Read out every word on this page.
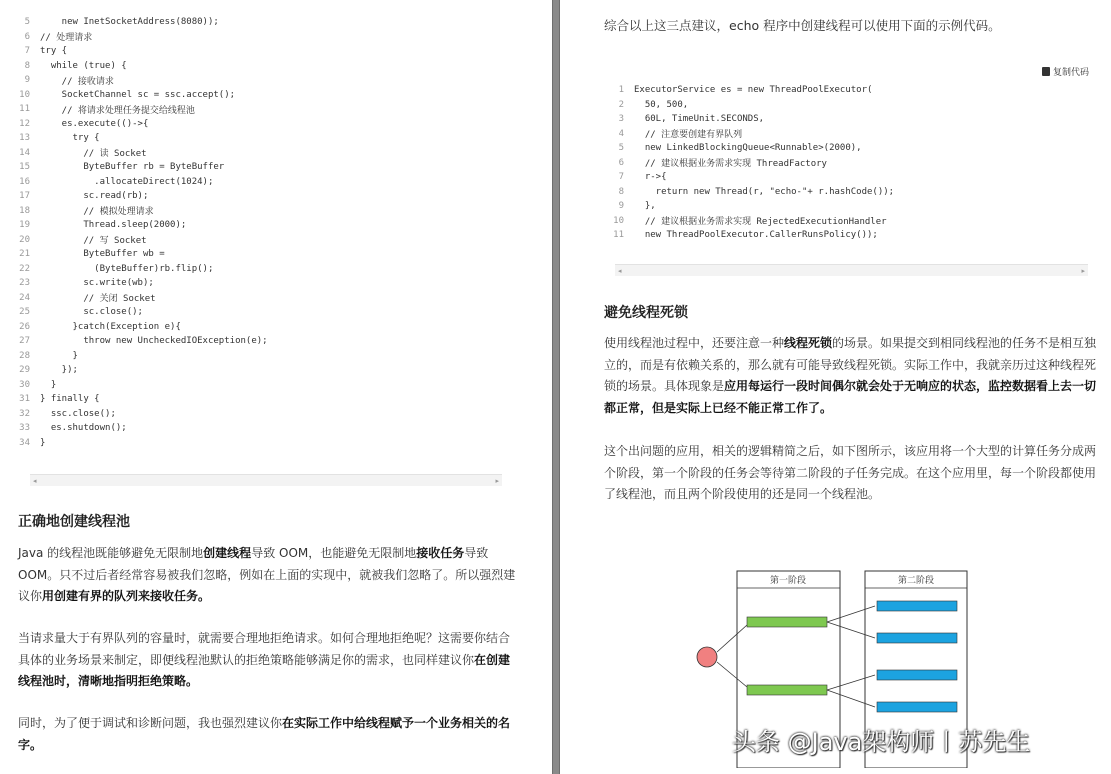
5	new InetSocketAddress(8080));
6	// 处理请求
7	try {
8	while (true) {
9	// 接收请求
10	SocketChannel sc = ssc.accept();
11	// 将请求处理任务提交给线程池
12	es.execute(()->{
13	try {
14	// 读 Socket
15	ByteBuffer rb = ByteBuffer
16	.allocateDirect(1024);
17	sc.read(rb);
18	// 模拟处理请求
19	Thread.sleep(2000);
20	// 写 Socket
21	ByteBuffer wb =
22	(ByteBuffer)rb.flip();
23	sc.write(wb);
24	// 关闭 Socket
25	sc.close();
26	}catch(Exception e){
27	throw new UncheckedIOException(e);
28	}
29	});
30	}
31	} finally {
32	ssc.close();
33	es.shutdown();
34	}
◂	▸
正确地创建线程池

Java 的线程池既能够避免无限制地创建线程导致 OOM，也能避免无限制地接收任务导致 OOM。只不过后者经常容易被我们忽略，例如在上面的实现中，就被我们忽略了。所以强烈建议你用创建有界的队列来接收任务。

当请求量大于有界队列的容量时，就需要合理地拒绝请求。如何合理地拒绝呢？这需要你结合具体的业务场景来制定，即便线程池默认的拒绝策略能够满足你的需求，也同样建议你在创建线程池时，清晰地指明拒绝策略。

同时，为了便于调试和诊断问题，我也强烈建议你在实际工作中给线程赋予一个业务相关的名字。

综合以上这三点建议，echo 程序中创建线程可以使用下面的示例代码。

复制代码
1	ExecutorService es = new ThreadPoolExecutor(
2	50, 500,
3	60L, TimeUnit.SECONDS,
4	// 注意要创建有界队列
5	new LinkedBlockingQueue<Runnable>(2000),
6	// 建议根据业务需求实现 ThreadFactory
7	r->{
8	return new Thread(r, "echo-"+ r.hashCode());
9	},
10	// 建议根据业务需求实现 RejectedExecutionHandler
11	new ThreadPoolExecutor.CallerRunsPolicy());
◂	▸
避免线程死锁

使用线程池过程中，还要注意一种线程死锁的场景。如果提交到相同线程池的任务不是相互独立的，而是有依赖关系的，那么就有可能导致线程死锁。实际工作中，我就亲历过这种线程死锁的场景。具体现象是应用每运行一段时间偶尔就会处于无响应的状态，监控数据看上去一切都正常，但是实际上已经不能正常工作了。

这个出问题的应用，相关的逻辑精简之后，如下图所示，该应用将一个大型的计算任务分成两个阶段，第一个阶段的任务会等待第二阶段的子任务完成。在这个应用里，每一个阶段都使用了线程池，而且两个阶段使用的还是同一个线程池。

第一阶段	第二阶段
头条 @Java架构师丨苏先生
